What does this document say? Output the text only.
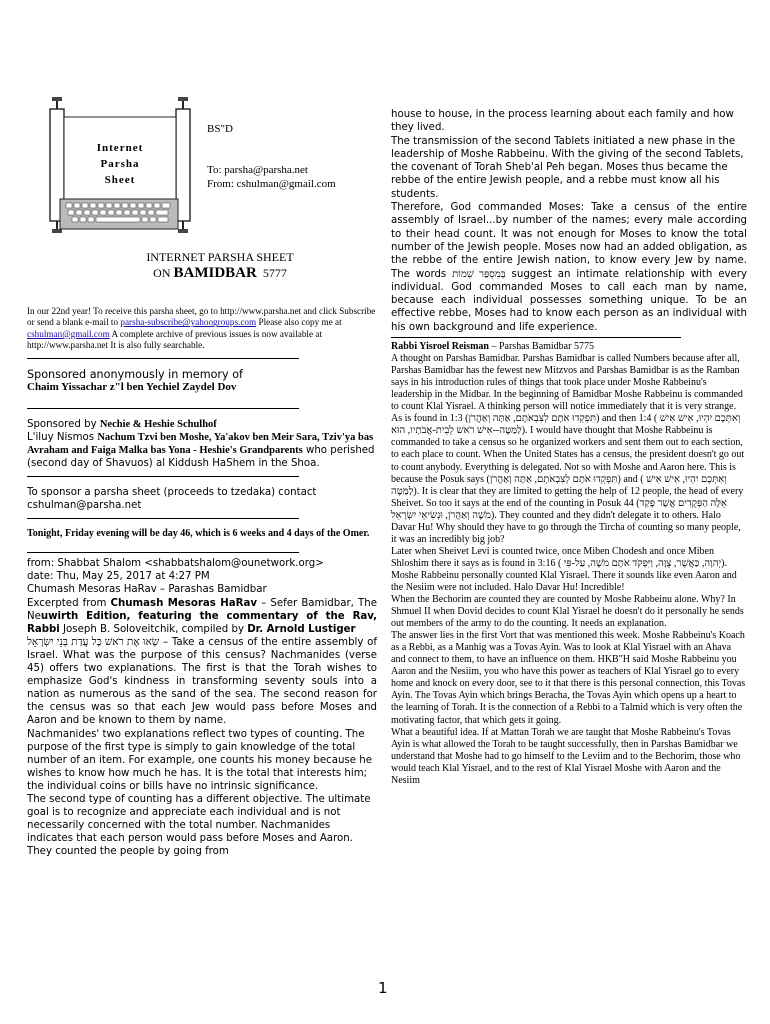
Internet
Parsha
Sheet
BS"D
To: parsha@parsha.net
From: cshulman@gmail.com
INTERNET PARSHA SHEET
ON BAMIDBAR 5777

In our 22nd year! To receive this parsha sheet, go to http://www.parsha.net and click Subscribe or send a blank e-mail to parsha-subscribe@yahoogroups.com Please also copy me at cshulman@gmail.com A complete archive of previous issues is now available at http://www.parsha.net It is also fully searchable.

Sponsored anonymously in memory of

Chaim Yissachar z"l ben Yechiel Zaydel Dov

Sponsored by Nechie & Heshie Schulhof
L'iluy Nismos Nachum Tzvi ben Moshe, Ya'akov ben Meir Sara, Tziv'ya bas Avraham and Faiga Malka bas Yona - Heshie's Grandparents who perished (second day of Shavuos) al Kiddush HaShem in the Shoa.

To sponsor a parsha sheet (proceeds to tzedaka) contact
cshulman@parsha.net

Tonight, Friday evening will be day 46, which is 6 weeks and 4 days of the Omer.

from: Shabbat Shalom <shabbatshalom@ounetwork.org>

date: Thu, May 25, 2017 at 4:27 PM

Chumash Mesoras HaRav – Parashas Bamidbar

Excerpted from Chumash Mesoras HaRav – Sefer Bamidbar, The Neuwirth Edition, featuring the commentary of the Rav, Rabbi Joseph B. Soloveitchik, compiled by Dr. Arnold Lustiger
שְׂאוּ אֶת רֹאשׁ כָּל עֲדַת בְּנֵי יִשְׂרָאֵל – Take a census of the entire assembly of Israel. What was the purpose of this census? Nachmanides (verse 45) offers two explanations. The first is that the Torah wishes to emphasize God's kindness in transforming seventy souls into a nation as numerous as the sand of the sea. The second reason for the census was so that each Jew would pass before Moses and Aaron and be known to them by name.

Nachmanides' two explanations reflect two types of counting. The purpose of the first type is simply to gain knowledge of the total number of an item. For example, one counts his money because he wishes to know how much he has. It is the total that interests him; the individual coins or bills have no intrinsic significance.

The second type of counting has a different objective. The ultimate goal is to recognize and appreciate each individual and is not necessarily concerned with the total number. Nachmanides indicates that each person would pass before Moses and Aaron. They counted the people by going from

house to house, in the process learning about each family and how they lived.

The transmission of the second Tablets initiated a new phase in the leadership of Moshe Rabbeinu. With the giving of the second Tablets, the covenant of Torah Sheb'al Peh began. Moses thus became the rebbe of the entire Jewish people, and a rebbe must know all his students.

Therefore, God commanded Moses: Take a census of the entire assembly of Israel...by number of the names; every male according to their head count. It was not enough for Moses to know the total number of the Jewish people. Moses now had an added obligation, as the rebbe of the entire Jewish nation, to know every Jew by name. The words בְּמִסְפַּר שֵׁמוֹת suggest an intimate relationship with every individual. God commanded Moses to call each man by name, because each individual possesses something unique. To be an effective rebbe, Moses had to know each person as an individual with his own background and life experience.

Rabbi Yisroel Reisman – Parshas Bamidbar 5775

A thought on Parshas Bamidbar. Parshas Bamidbar is called Numbers because after all, Parshas Bamidbar has the fewest new Mitzvos and Parshas Bamidbar is as the Ramban says in his introduction rules of things that took place under Moshe Rabbeinu's leadership in the Midbar. In the beginning of Bamidbar Moshe Rabbeinu is commanded to count Klal Yisrael. A thinking person will notice immediately that it is very strange. As is found in 1:3 (תִּפְקְדוּ אֹתָם לְצִבְאֹתָם, אַתָּה וְאַהֲרֹן) and then 1:4 ( וְאִתְּכֶם יִהְיוּ, אִישׁ אִישׁ לַמַּטֶּה--אִישׁ רֹאשׁ לְבֵית-אֲבֹתָיו, הוּא). I would have thought that Moshe Rabbeinu is commanded to take a census so he organized workers and sent them out to each section, to each place to count. When the United States has a census, the president doesn't go out to count anybody. Everything is delegated. Not so with Moshe and Aaron here. This is because the Posuk says (תִּפְקְדוּ אֹתָם לְצִבְאֹתָם, אַתָּה וְאַהֲרֹן) and ( וְאִתְּכֶם יִהְיוּ, אִישׁ אִישׁ לַמַּטֶּה). It is clear that they are limited to getting the help of 12 people, the head of every Sheivet. So too it says at the end of the counting in Posuk 44 (אֵלֶּה הַפְּקֻדִים אֲשֶׁר פָּקַד מֹשֶׁה וְאַהֲרֹן, וּנְשִׂיאֵי יִשְׂרָאֵל). They counted and they didn't delegate it to others. Halo Davar Hu! Why should they have to go through the Tircha of counting so many people, it was an incredibly big job?

Later when Sheivet Levi is counted twice, once Miben Chodesh and once Miben Shloshim there it says as is found in 3:16 ( וַיִּפְקֹד אֹתָם מֹשֶׁה, עַל-פִּי ,יְהוָה, כַּאֲשֶׁר, צֻוָּה). Moshe Rabbeinu personally counted Klal Yisrael. There it sounds like even Aaron and the Nesiim were not included. Halo Davar Hu! Incredible!

When the Bechorim are counted they are counted by Moshe Rabbeinu alone. Why? In Shmuel II when Dovid decides to count Klal Yisrael he doesn't do it personally he sends out members of the army to do the counting. It needs an explanation.

The answer lies in the first Vort that was mentioned this week. Moshe Rabbeinu's Koach as a Rebbi, as a Manhig was a Tovas Ayin. Was to look at Klal Yisrael with an Ahava and connect to them, to have an influence on them. HKB"H said Moshe Rabbeinu you Aaron and the Nesiim, you who have this power as teachers of Klal Yisrael go to every home and knock on every door, see to it that there is this personal connection, this Tovas Ayin. The Tovas Ayin which brings Beracha, the Tovas Ayin which opens up a heart to the learning of Torah. It is the connection of a Rebbi to a Talmid which is very often the motivating factor, that which gets it going.

What a beautiful idea. If at Mattan Torah we are taught that Moshe Rabbeinu's Tovas Ayin is what allowed the Torah to be taught successfully, then in Parshas Bamidbar we understand that Moshe had to go himself to the Leviim and to the Bechorim, those who would teach Klal Yisrael, and to the rest of Klal Yisrael Moshe with Aaron and the Nesiim

1
